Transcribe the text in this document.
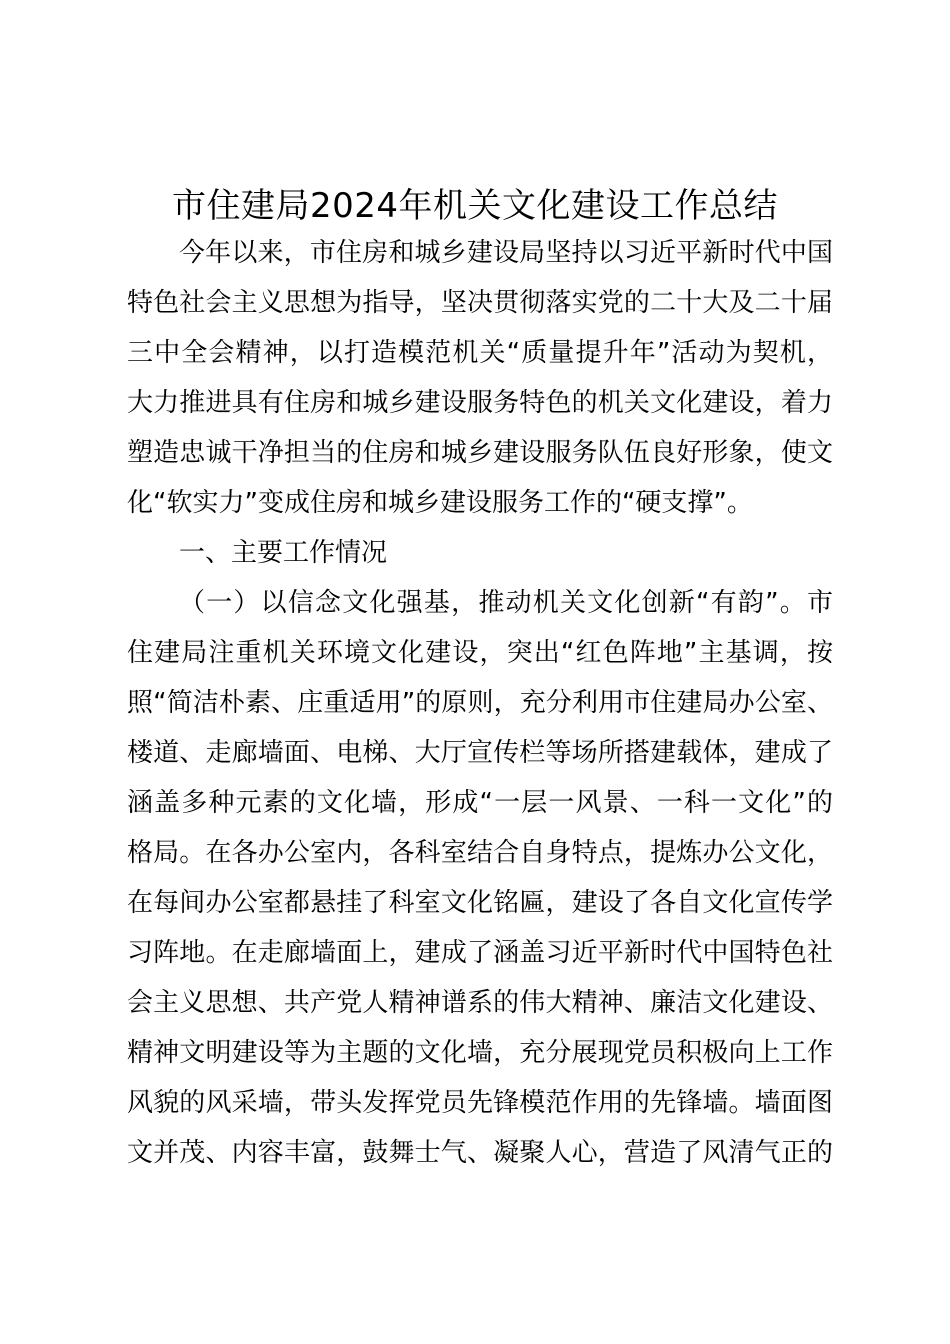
市住建局2024年机关文化建设工作总结
今年以来，市住房和城乡建设局坚持以习近平新时代中国
特色社会主义思想为指导，坚决贯彻落实党的二十大及二十届
三中全会精神，以打造模范机关“质量提升年”活动为契机，
大力推进具有住房和城乡建设服务特色的机关文化建设，着力
塑造忠诚干净担当的住房和城乡建设服务队伍良好形象，使文
化“软实力”变成住房和城乡建设服务工作的“硬支撑”。
一、主要工作情况
（一）以信念文化强基，推动机关文化创新“有韵”。市
住建局注重机关环境文化建设，突出“红色阵地”主基调，按
照“简洁朴素、庄重适用”的原则，充分利用市住建局办公室、
楼道、走廊墙面、电梯、大厅宣传栏等场所搭建载体，建成了
涵盖多种元素的文化墙，形成“一层一风景、一科一文化”的
格局。在各办公室内，各科室结合自身特点，提炼办公文化，
在每间办公室都悬挂了科室文化铭匾，建设了各自文化宣传学
习阵地。在走廊墙面上，建成了涵盖习近平新时代中国特色社
会主义思想、共产党人精神谱系的伟大精神、廉洁文化建设、
精神文明建设等为主题的文化墙，充分展现党员积极向上工作
风貌的风采墙，带头发挥党员先锋模范作用的先锋墙。墙面图
文并茂、内容丰富，鼓舞士气、凝聚人心，营造了风清气正的
